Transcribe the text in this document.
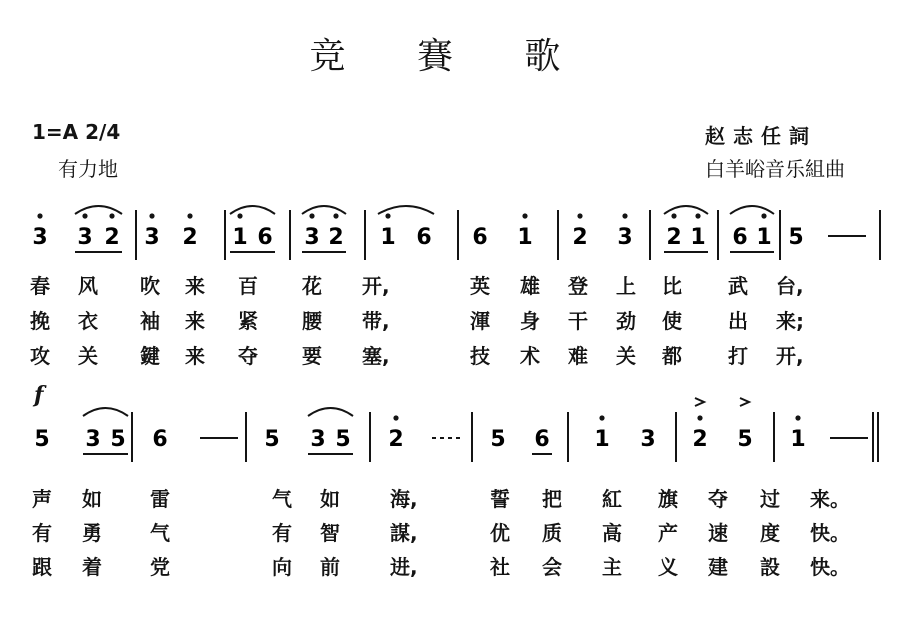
竞 賽 歌
1=A 2/4
有力地
赵志任詞
白羊峪音乐組曲
f
3 3 2 3 2 1 6 3 2 1 6 6 1 2 3 2 1 6 1 5
5 3 5 6	5 3 5 2	5 6 1 3 2 5 1
春 风 吹 来 百 花 开,	英 雄 登 上 比 武 台,
挽 衣 袖 来 紧 腰 带,	渾 身 干 劲 使 出 来;
攻 关 鍵 来 夺 要 塞,	技 术 难 关 都 打 开,
声 如 雷	气 如	海,	誓 把 紅 旗 夺 过 来。
有 勇 气	有 智	謀,	优 质 高 产 速 度 快。
跟 着 党	向 前	进,	社 会 主 义 建 設 快。
